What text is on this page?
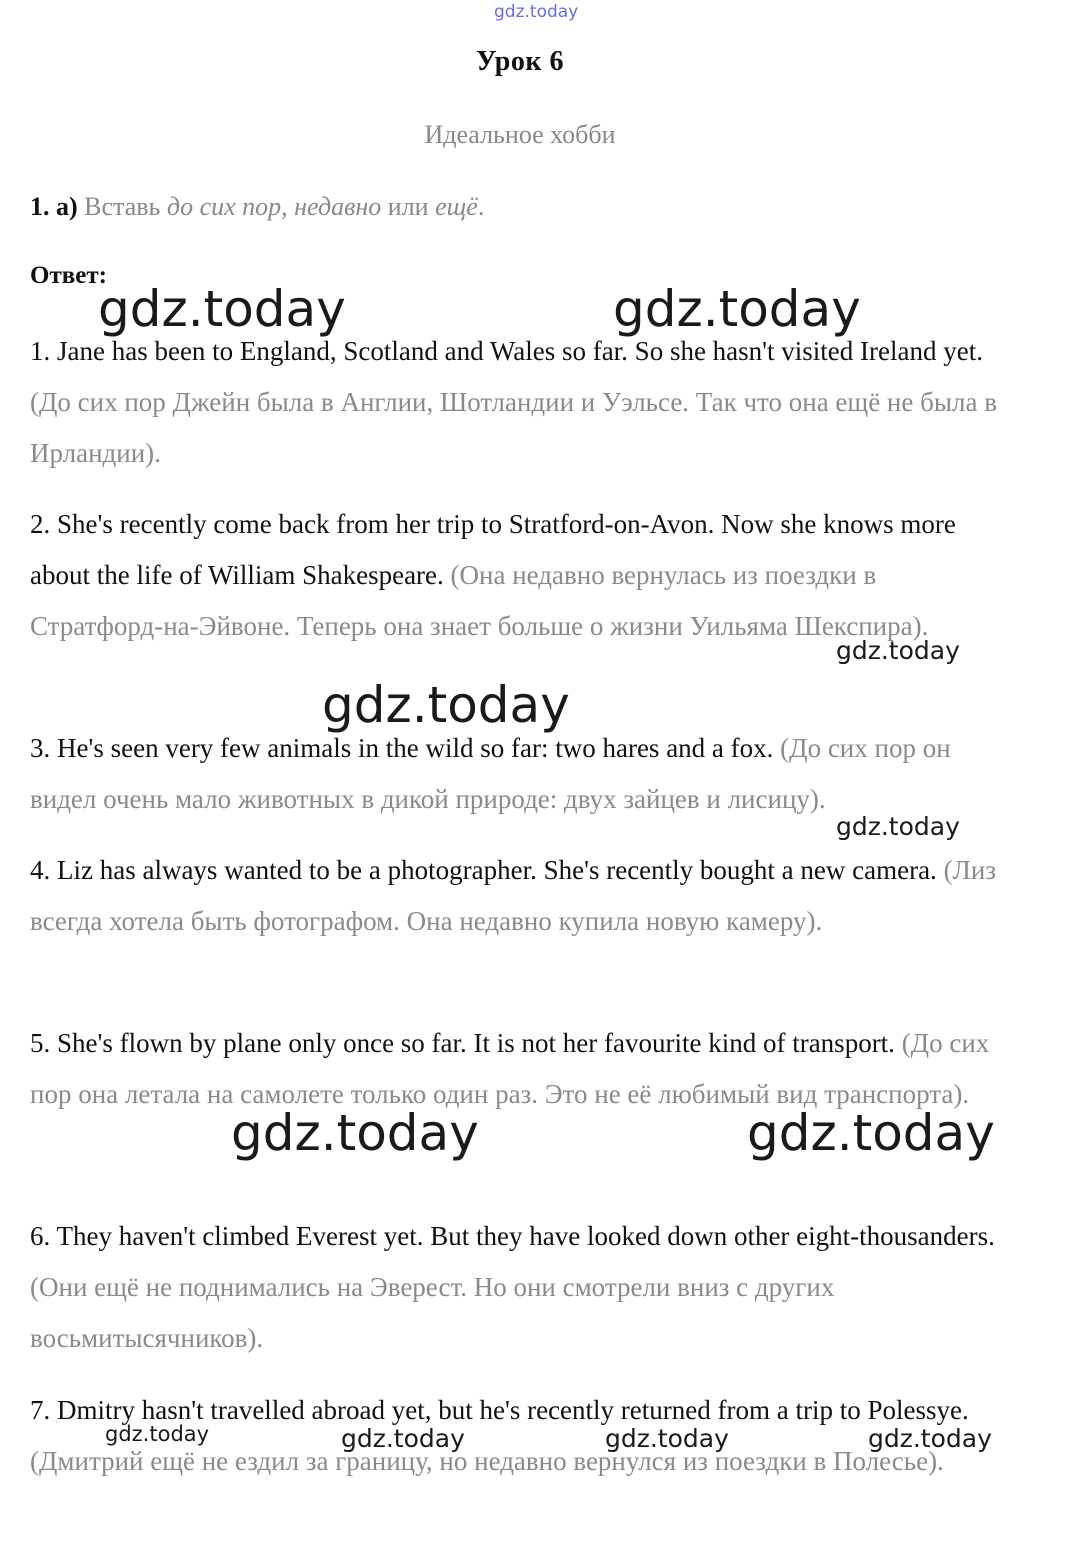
gdz.today
Урок 6
Идеальное хобби
1. а) Вставь до сих пор, недавно или ещё.
Ответ:
1. Jane has been to England, Scotland and Wales so far. So she hasn't visited Ireland yet. (До сих пор Джейн была в Англии, Шотландии и Уэльсе. Так что она ещё не была в Ирландии).
2. She's recently come back from her trip to Stratford-on-Avon. Now she knows more about the life of William Shakespeare. (Она недавно вернулась из поездки в Стратфорд-на-Эйвоне. Теперь она знает больше о жизни Уильяма Шекспира).
3. He's seen very few animals in the wild so far: two hares and a fox. (До сих пор он видел очень мало животных в дикой природе: двух зайцев и лисицу).
4. Liz has always wanted to be a photographer. She's recently bought a new camera. (Лиз всегда хотела быть фотографом. Она недавно купила новую камеру).
5. She's flown by plane only once so far. It is not her favourite kind of transport. (До сих пор она летала на самолете только один раз. Это не её любимый вид транспорта).
6. They haven't climbed Everest yet. But they have looked down other eight-thousanders. (Они ещё не поднимались на Эверест. Но они смотрели вниз с других восьмитысячников).
7. Dmitry hasn't travelled abroad yet, but he's recently returned from a trip to Polessye. (Дмитрий ещё не ездил за границу, но недавно вернулся из поездки в Полесье).
gdz.today	gdz.today
gdz.today
gdz.today
gdz.today
gdz.today	gdz.today
gdz.today	gdz.today	gdz.today	gdz.today
